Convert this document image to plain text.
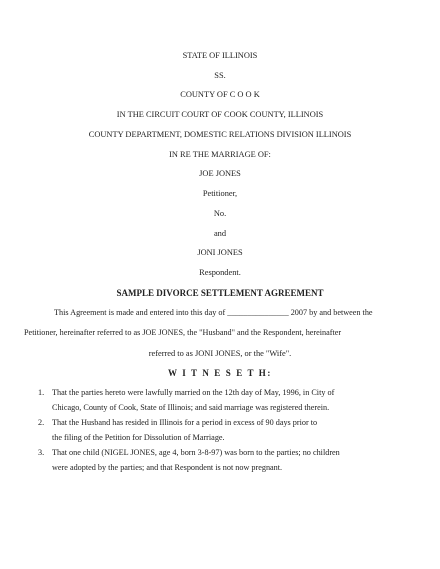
STATE OF ILLINOIS
SS.
COUNTY OF C O O K
IN THE CIRCUIT COURT OF COOK COUNTY, ILLINOIS
COUNTY DEPARTMENT, DOMESTIC RELATIONS DIVISION ILLINOIS
IN RE THE MARRIAGE OF:
JOE JONES
Petitioner,
No.
and
JONI JONES
Respondent.
SAMPLE DIVORCE SETTLEMENT AGREEMENT
This Agreement is made and entered into this day of _______________ 2007 by and between the
Petitioner, hereinafter referred to as JOE JONES, the "Husband" and the Respondent, hereinafter
referred to as JONI JONES, or the "Wife".
W I T N E S E T H:
1. That the parties hereto were lawfully married on the 12th day of May, 1996, in City of
Chicago, County of Cook, State of Illinois; and said marriage was registered therein.
2. That the Husband has resided in Illinois for a period in excess of 90 days prior to
the filing of the Petition for Dissolution of Marriage.
3. That one child (NIGEL JONES, age 4, born 3-8-97) was born to the parties; no children
were adopted by the parties; and that Respondent is not now pregnant.
